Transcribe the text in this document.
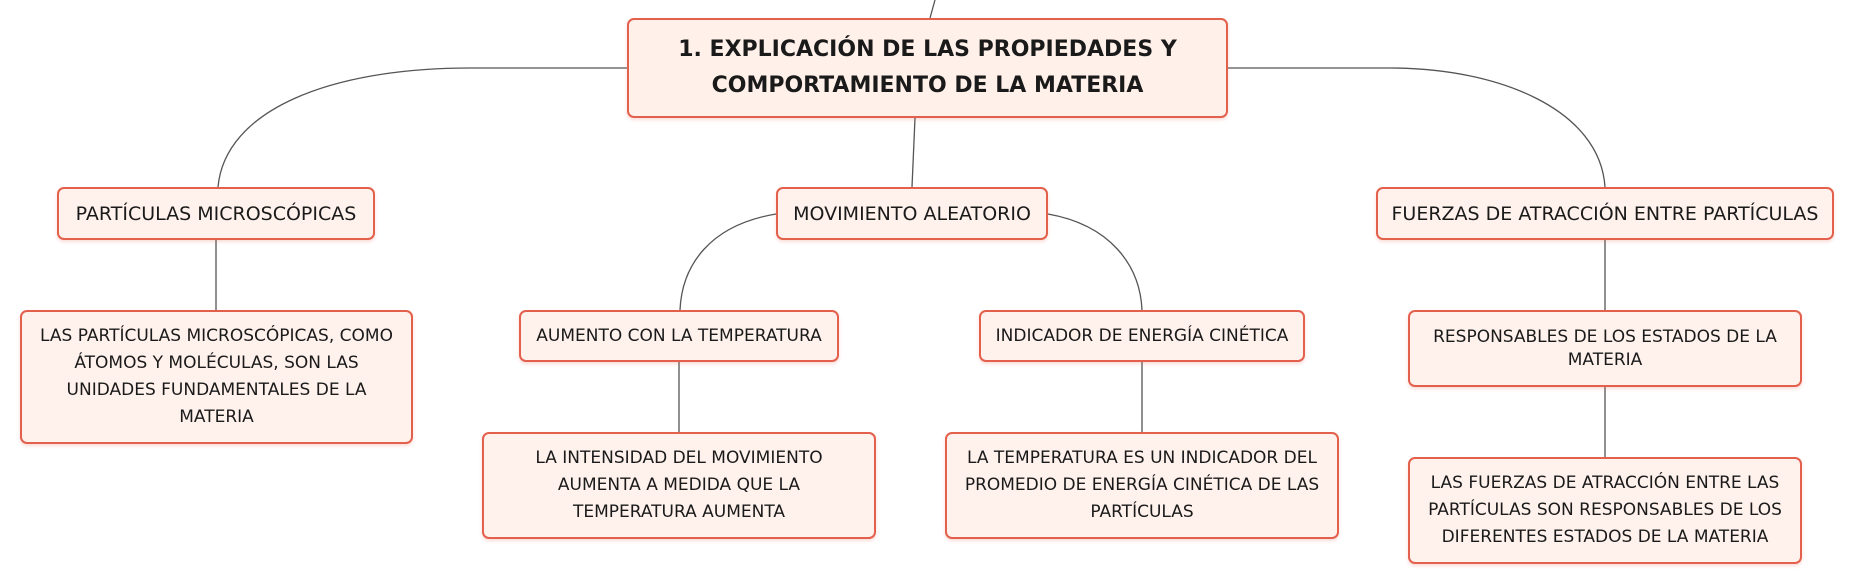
1. EXPLICACIÓN DE LAS PROPIEDADES Y COMPORTAMIENTO DE LA MATERIA
PARTÍCULAS MICROSCÓPICAS	MOVIMIENTO ALEATORIO	FUERZAS DE ATRACCIÓN ENTRE PARTÍCULAS
LAS PARTÍCULAS MICROSCÓPICAS, COMO ÁTOMOS Y MOLÉCULAS, SON LAS UNIDADES FUNDAMENTALES DE LA MATERIA
AUMENTO CON LA TEMPERATURA	INDICADOR DE ENERGÍA CINÉTICA	RESPONSABLES DE LOS ESTADOS DE LA MATERIA
LA INTENSIDAD DEL MOVIMIENTO AUMENTA A MEDIDA QUE LA TEMPERATURA AUMENTA
LA TEMPERATURA ES UN INDICADOR DEL PROMEDIO DE ENERGÍA CINÉTICA DE LAS PARTÍCULAS
LAS FUERZAS DE ATRACCIÓN ENTRE LAS PARTÍCULAS SON RESPONSABLES DE LOS DIFERENTES ESTADOS DE LA MATERIA
